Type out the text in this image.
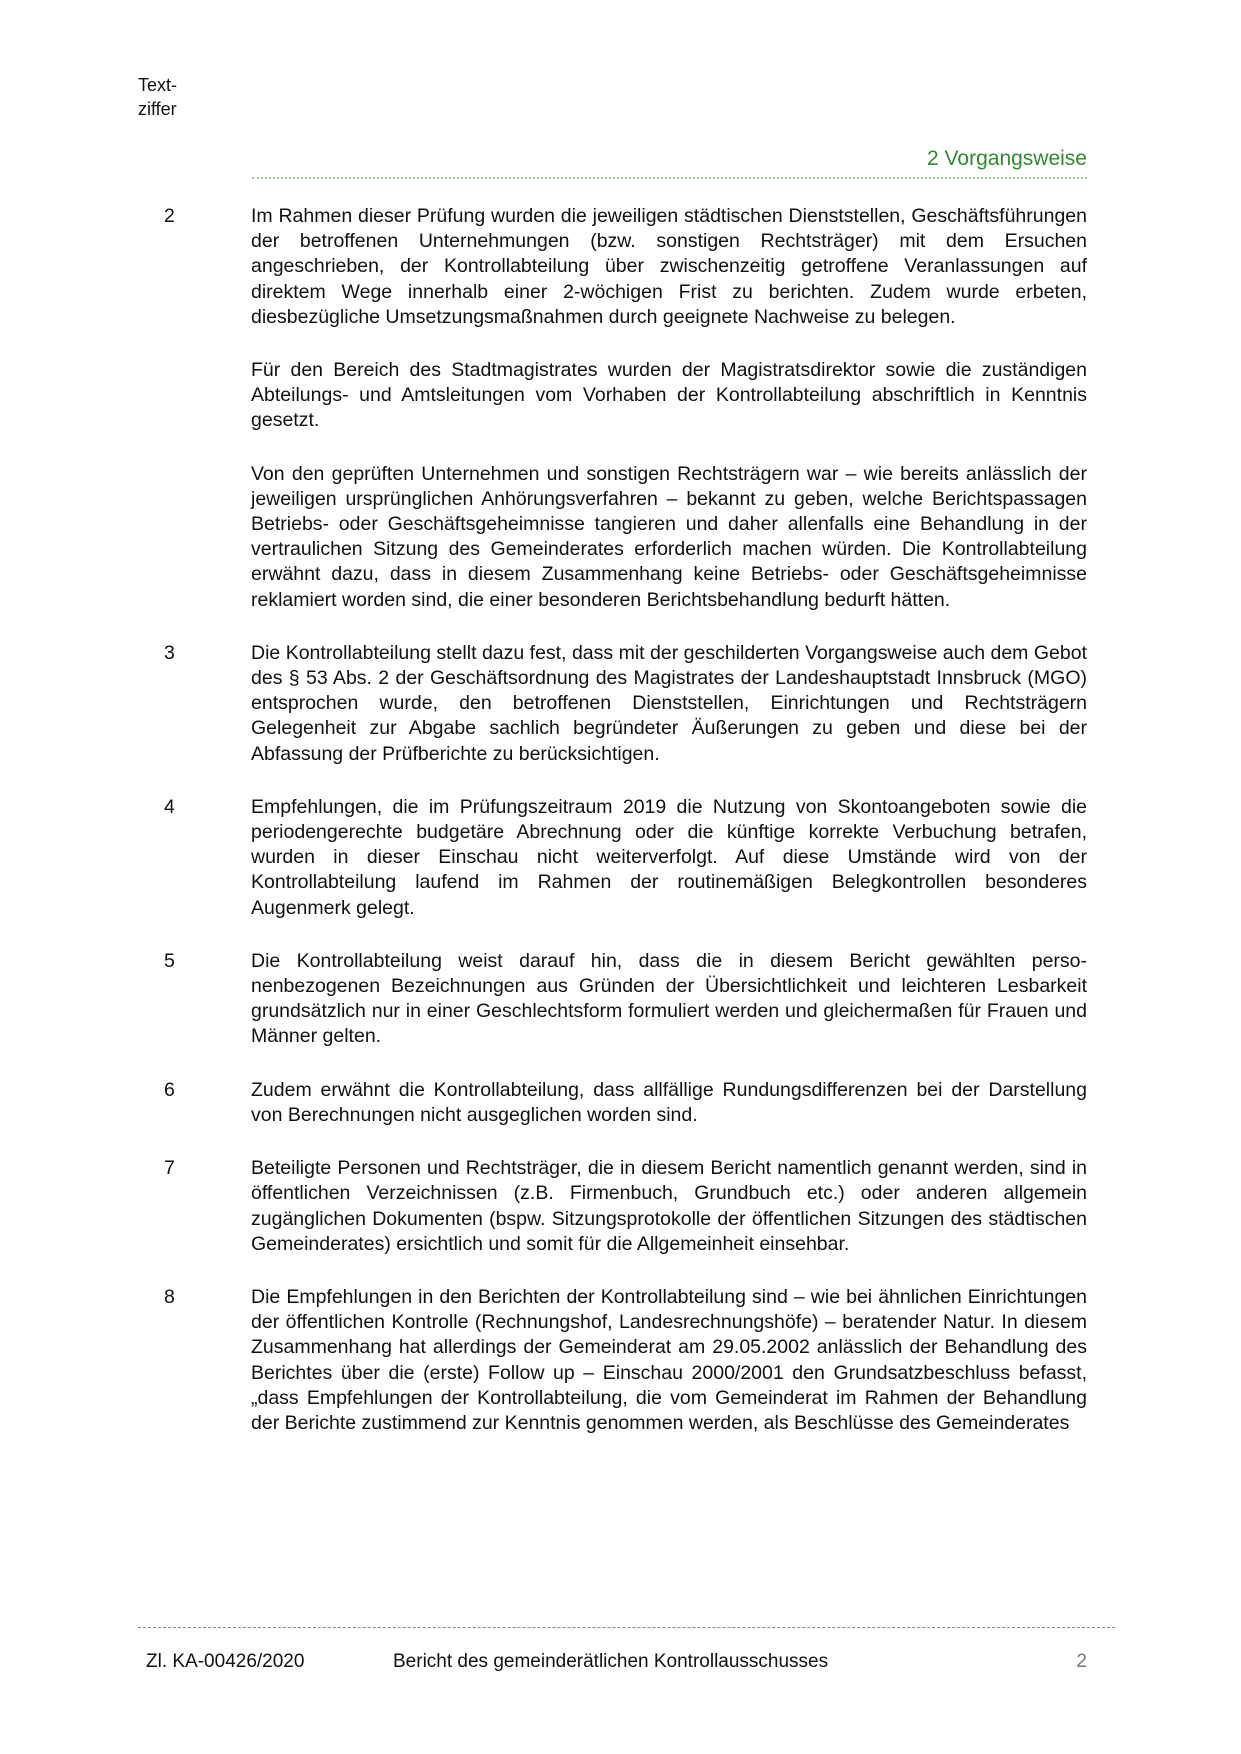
Text-
ziffer
2 Vorgangsweise
2	Im Rahmen dieser Prüfung wurden die jeweiligen städtischen Dienststellen, Geschäftsführungen der betroffenen Unternehmungen (bzw. sonstigen Rechtsträger) mit dem Ersuchen angeschrieben, der Kontrollabteilung über zwischenzeitig getroffene Veranlassungen auf direktem Wege innerhalb einer 2-wöchigen Frist zu berichten. Zudem wurde erbeten, diesbezügliche Umsetzungsmaßnahmen durch geeignete Nachweise zu belegen.
Für den Bereich des Stadtmagistrates wurden der Magistratsdirektor sowie die zuständigen Abteilungs- und Amtsleitungen vom Vorhaben der Kontrollabteilung abschriftlich in Kenntnis gesetzt.
Von den geprüften Unternehmen und sonstigen Rechtsträgern war – wie bereits anlässlich der jeweiligen ursprünglichen Anhörungsverfahren – bekannt zu geben, welche Berichtspassagen Betriebs- oder Geschäftsgeheimnisse tangieren und daher allenfalls eine Behandlung in der vertraulichen Sitzung des Gemeinderates erforderlich machen würden. Die Kontrollabteilung erwähnt dazu, dass in diesem Zusammenhang keine Betriebs- oder Geschäftsgeheimnisse reklamiert worden sind, die einer besonderen Berichtsbehandlung bedurft hätten.
3	Die Kontrollabteilung stellt dazu fest, dass mit der geschilderten Vorgangsweise auch dem Gebot des § 53 Abs. 2 der Geschäftsordnung des Magistrates der Landeshauptstadt Innsbruck (MGO) entsprochen wurde, den betroffenen Dienststellen, Einrichtungen und Rechtsträgern Gelegenheit zur Abgabe sachlich begründeter Äußerungen zu geben und diese bei der Abfassung der Prüfberichte zu berücksichtigen.
4	Empfehlungen, die im Prüfungszeitraum 2019 die Nutzung von Skontoangeboten sowie die periodengerechte budgetäre Abrechnung oder die künftige korrekte Verbuchung betrafen, wurden in dieser Einschau nicht weiterverfolgt. Auf diese Umstände wird von der Kontrollabteilung laufend im Rahmen der routinemäßigen Belegkontrollen besonderes Augenmerk gelegt.
5	Die Kontrollabteilung weist darauf hin, dass die in diesem Bericht gewählten personenbezogenen Bezeichnungen aus Gründen der Übersichtlichkeit und leichteren Lesbarkeit grundsätzlich nur in einer Geschlechtsform formuliert werden und gleichermaßen für Frauen und Männer gelten.
6	Zudem erwähnt die Kontrollabteilung, dass allfällige Rundungsdifferenzen bei der Darstellung von Berechnungen nicht ausgeglichen worden sind.
7	Beteiligte Personen und Rechtsträger, die in diesem Bericht namentlich genannt werden, sind in öffentlichen Verzeichnissen (z.B. Firmenbuch, Grundbuch etc.) oder anderen allgemein zugänglichen Dokumenten (bspw. Sitzungsprotokolle der öffentlichen Sitzungen des städtischen Gemeinderates) ersichtlich und somit für die Allgemeinheit einsehbar.
8	Die Empfehlungen in den Berichten der Kontrollabteilung sind – wie bei ähnlichen Einrichtungen der öffentlichen Kontrolle (Rechnungshof, Landesrechnungshöfe) – beratender Natur. In diesem Zusammenhang hat allerdings der Gemeinderat am 29.05.2002 anlässlich der Behandlung des Berichtes über die (erste) Follow up – Einschau 2000/2001 den Grundsatzbeschluss befasst, „dass Empfehlungen der Kontrollabteilung, die vom Gemeinderat im Rahmen der Behandlung der Berichte zustimmend zur Kenntnis genommen werden, als Beschlüsse des Gemeinderates
Zl. KA-00426/2020	Bericht des gemeinderätlichen Kontrollausschusses	2
